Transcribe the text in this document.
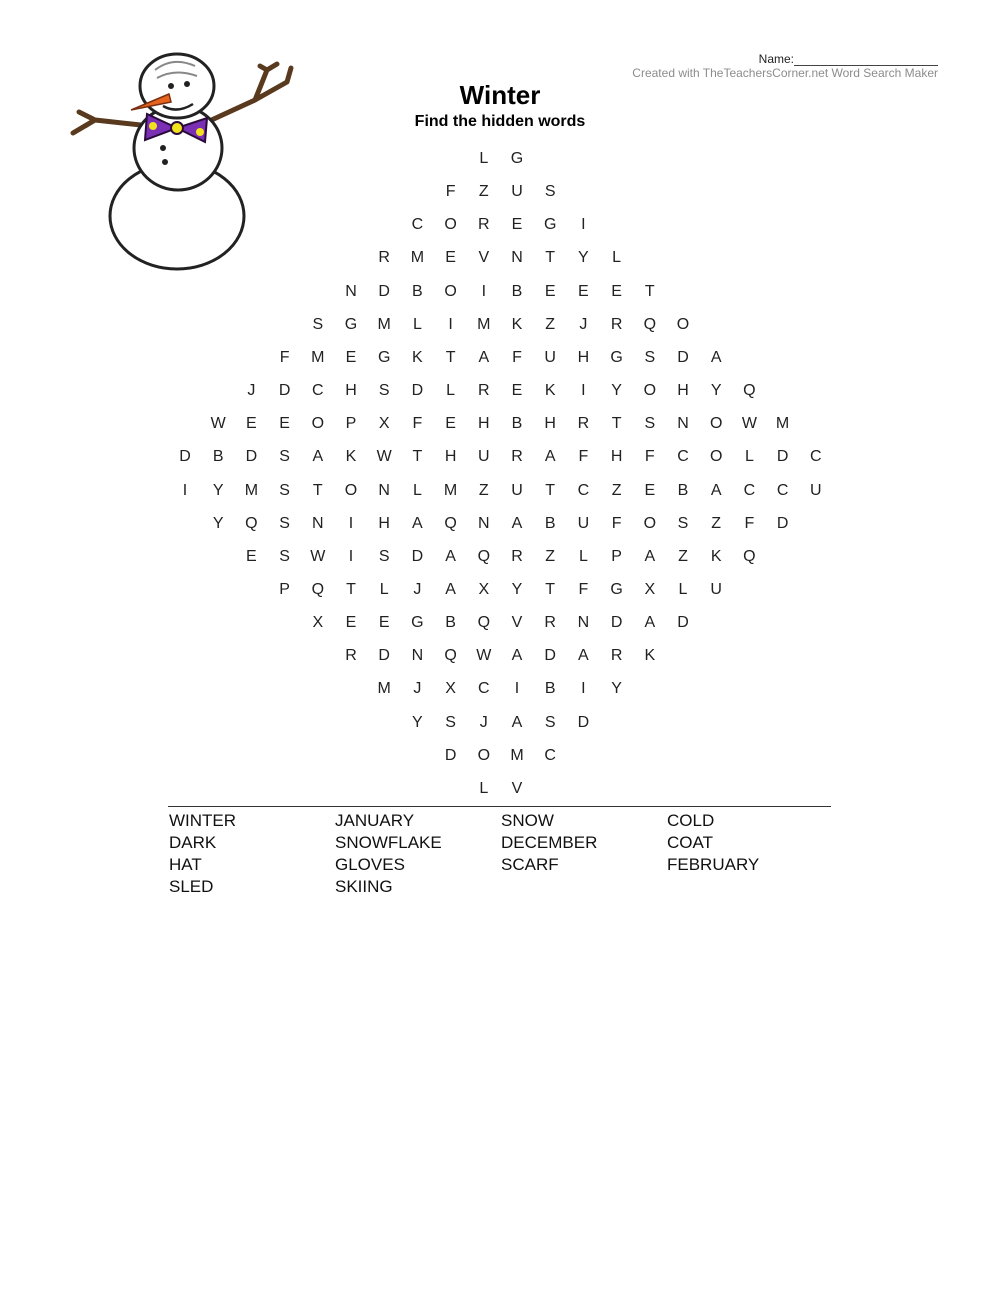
Name:
Created with TheTeachersCorner.net Word Search Maker
Winter
Find the hidden words
L	G
F	Z	U S
C O R E G	I
R M E V N	T	Y	L
N D B O	I	B E E E	T
S G M	L	I	M K	Z	J	R Q O
F	M E G K	T	A	F	U H G S D A
J	D C H S D	L	R E K	I	Y O H Y Q
W E E O P X	F	E H B H R	T	S N O W M
D B D S A K W	T	H U R A	F	H	F	C O	L	D C
I	Y M S	T	O N	L	M	Z	U	T	C	Z	E B A C C U
Y Q S N	I	H A Q N A B U	F	O S	Z	F	D
E S W	I	S D A Q R	Z	L	P A	Z	K Q
P Q	T	L	J	A X Y	T	F	G X	L	U
X E E G B Q V R N D A D
R D N Q W A D A R K
M	J	X C	I	B	I	Y
Y S	J	A S D
D O M C
L	V
WINTER	JANUARY	SNOW	COLD
DARK	SNOWFLAKE	DECEMBER	COAT
HAT	GLOVES	SCARF	FEBRUARY
SLED	SKIING
